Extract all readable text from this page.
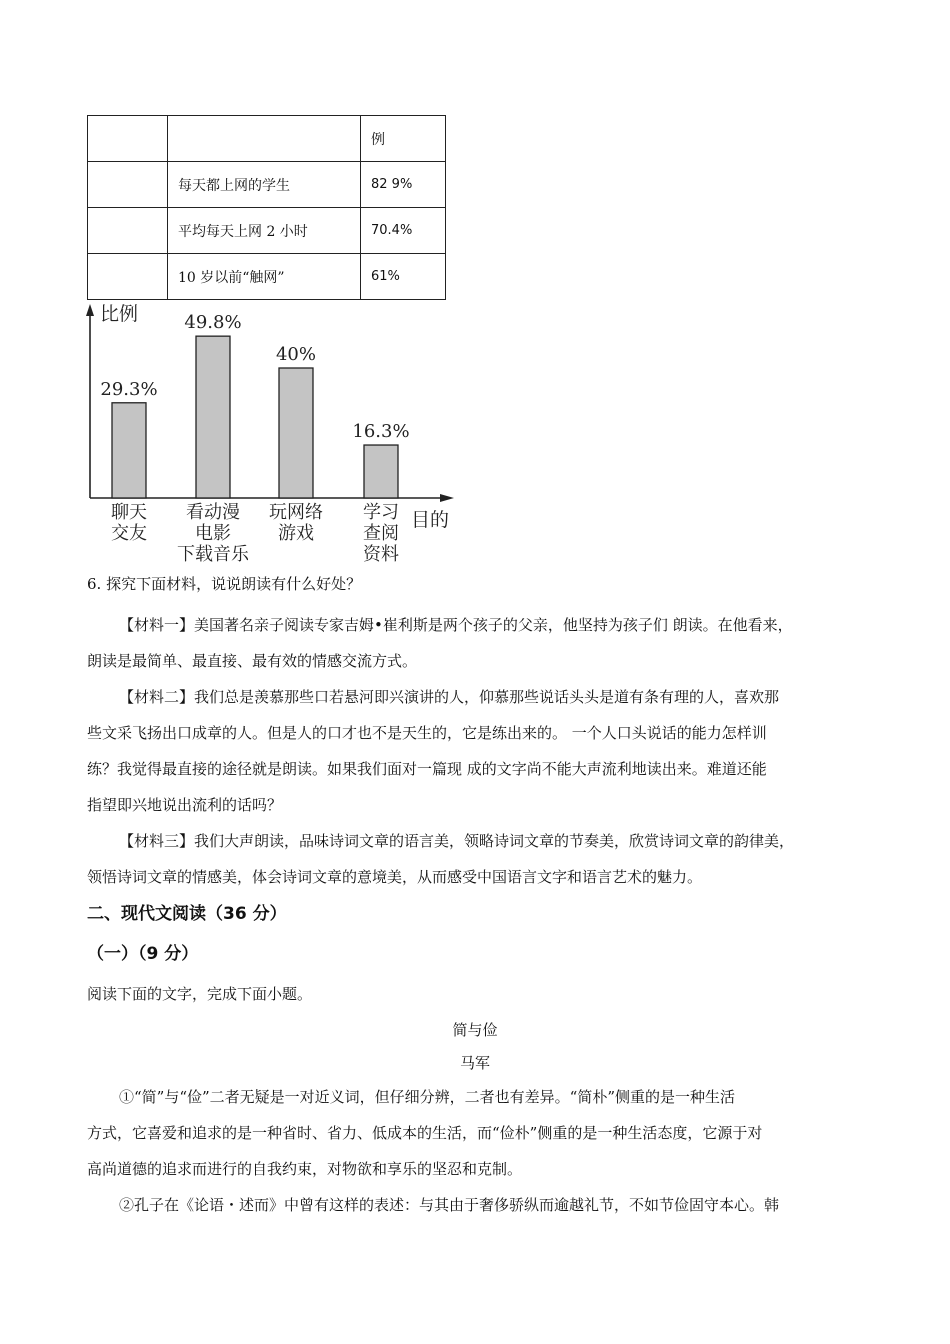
		例
	每天都上网的学生	82 9%
	平均每天上网 2 小时	70.4%
	10 岁以前“触网”	61%
比例
目的
29.3%
聊天
交友
49.8%
看动漫
电影
下载音乐
40%
玩网络
游戏
16.3%
学习
查阅
资料
6. 探究下面材料，说说朗读有什么好处？
【材料一】美国著名亲子阅读专家吉姆•崔利斯是两个孩子的父亲，他坚持为孩子们 朗读。在他看来，
朗读是最简单、最直接、最有效的情感交流方式。
【材料二】我们总是羡慕那些口若悬河即兴演讲的人，仰慕那些说话头头是道有条有理的人，喜欢那
些文采飞扬出口成章的人。但是人的口才也不是天生的，它是练出来的。 一个人口头说话的能力怎样训
练？我觉得最直接的途径就是朗读。如果我们面对一篇现 成的文字尚不能大声流利地读出来。难道还能
指望即兴地说出流利的话吗？
【材料三】我们大声朗读，品味诗词文章的语言美，领略诗词文章的节奏美，欣赏诗词文章的韵律美，
领悟诗词文章的情感美，体会诗词文章的意境美，从而感受中国语言文字和语言艺术的魅力。
二、现代文阅读（36 分）
（一）（9 分）
阅读下面的文字，完成下面小题。
简与俭
马军
①“简”与“俭”二者无疑是一对近义词，但仔细分辨，二者也有差异。“简朴”侧重的是一种生活
方式，它喜爱和追求的是一种省时、省力、低成本的生活，而“俭朴”侧重的是一种生活态度，它源于对
高尚道德的追求而进行的自我约束，对物欲和享乐的坚忍和克制。
②孔子在《论语・述而》中曾有这样的表述：与其由于奢侈骄纵而逾越礼节，不如节俭固守本心。韩
